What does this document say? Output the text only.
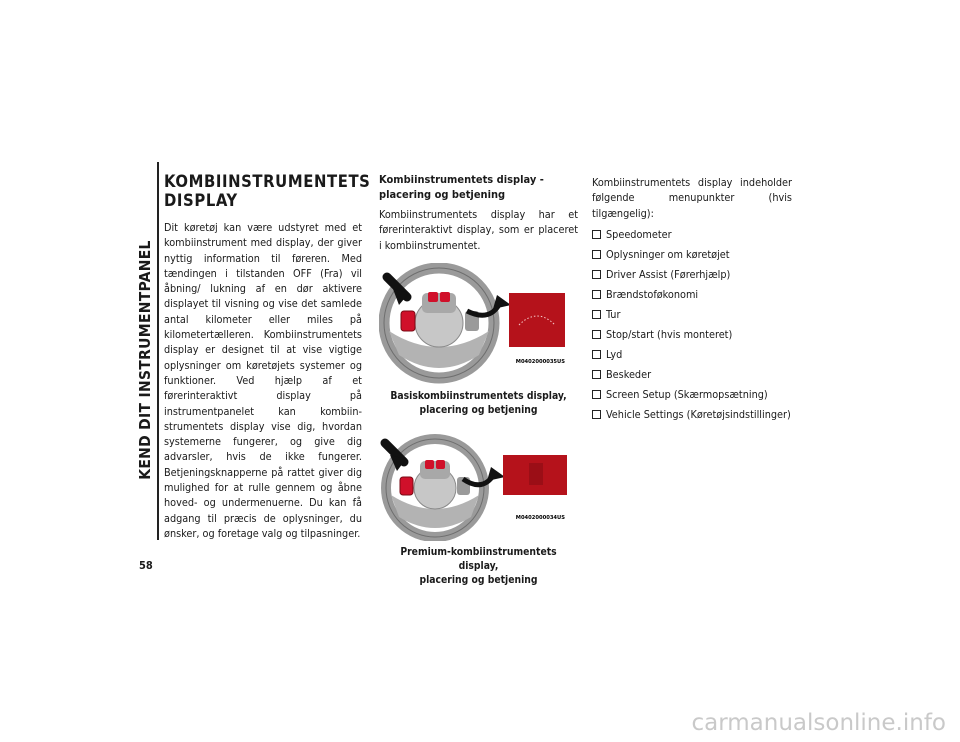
KEND DIT INSTRUMENTPANEL
58
KOMBIINSTRUMENTETS DISPLAY

Dit køretøj kan være udstyret med et kombiinstrument med display, der giver nyttig information til føreren. Med tændingen i tilstanden OFF (Fra) vil åbning/ lukning af en dør aktivere displayet til visning og vise det samlede antal kilometer eller miles på kilometertælleren. Kombiinstrumentets display er designet til at vise vigtige oplysninger om køretøjets systemer og funktioner. Ved hjælp af et førerinteraktivt display på instrumentpanelet kan kombiinstrumentets display vise dig, hvordan systemerne fungerer, og give dig advarsler, hvis de ikke fungerer. Betjeningsknapperne på rattet giver dig mulighed for at rulle gennem og åbne hoved- og undermenuerne. Du kan få adgang til præcis de oplysninger, du ønsker, og foretage valg og tilpasninger.

Kombiinstrumentets display - placering og betjening

Kombiinstrumentets display har et førerinteraktivt display, som er placeret i kombiinstrumentet.

M0402000035US
Basiskombiinstrumentets display,
placering og betjening
M0402000034US
Premium-kombiinstrumentets display,
placering og betjening

Kombiinstrumentets display indeholder følgende menupunkter (hvis tilgængelig):

Speedometer
Oplysninger om køretøjet
Driver Assist (Førerhjælp)
Brændstoføkonomi
Tur
Stop/start (hvis monteret)
Lyd
Beskeder
Screen Setup (Skærmopsætning)
Vehicle Settings (Køretøjsindstillinger)
carmanualsonline.info
